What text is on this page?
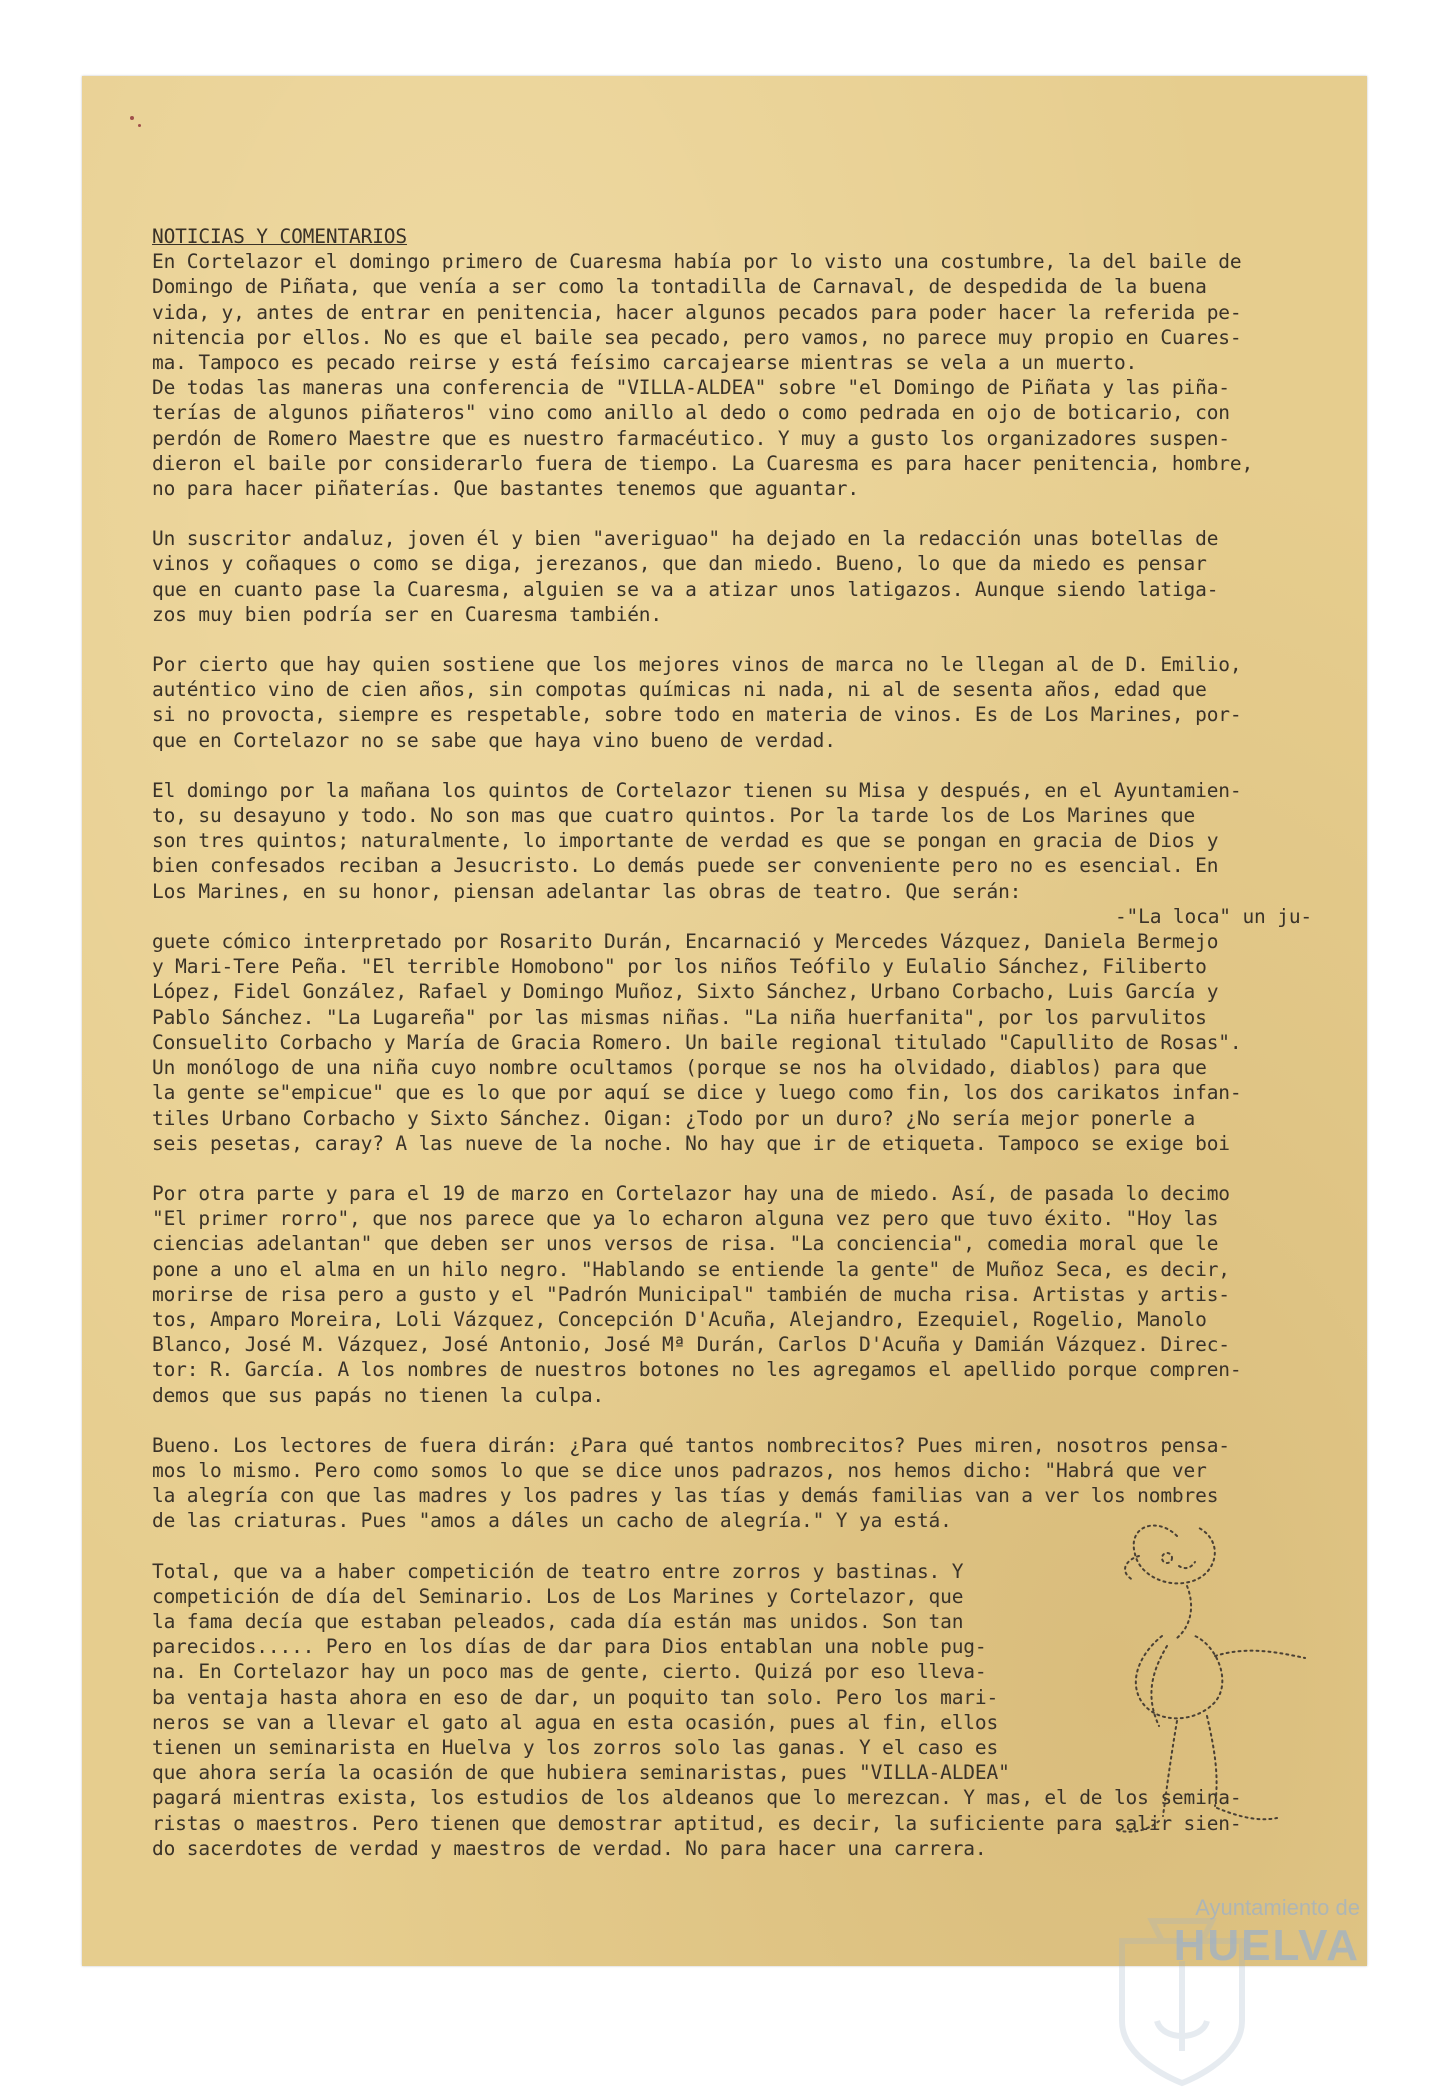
NOTICIAS Y COMENTARIOS
En Cortelazor el domingo primero de Cuaresma había por lo visto una costumbre, la del baile de
Domingo de Piñata, que venía a ser como la tontadilla de Carnaval, de despedida de la buena
vida, y, antes de entrar en penitencia, hacer algunos pecados para poder hacer la referida pe-
nitencia por ellos. No es que el baile sea pecado, pero vamos, no parece muy propio en Cuares-
ma. Tampoco es pecado reirse y está feísimo carcajearse mientras se vela a un muerto.
De todas las maneras una conferencia de "VILLA-ALDEA" sobre "el Domingo de Piñata y las piña-
terías de algunos piñateros" vino como anillo al dedo o como pedrada en ojo de boticario, con
perdón de Romero Maestre que es nuestro farmacéutico. Y muy a gusto los organizadores suspen-
dieron el baile por considerarlo fuera de tiempo. La Cuaresma es para hacer penitencia, hombre,
no para hacer piñaterías. Que bastantes tenemos que aguantar.
Un suscritor andaluz, joven él y bien "averiguao" ha dejado en la redacción unas botellas de
vinos y coñaques o como se diga, jerezanos, que dan miedo. Bueno, lo que da miedo es pensar
que en cuanto pase la Cuaresma, alguien se va a atizar unos latigazos. Aunque siendo latiga-
zos muy bien podría ser en Cuaresma también.
Por cierto que hay quien sostiene que los mejores vinos de marca no le llegan al de D. Emilio,
auténtico vino de cien años, sin compotas químicas ni nada, ni al de sesenta años, edad que
si no provocta, siempre es respetable, sobre todo en materia de vinos. Es de Los Marines, por-
que en Cortelazor no se sabe que haya vino bueno de verdad.
El domingo por la mañana los quintos de Cortelazor tienen su Misa y después, en el Ayuntamien-
to, su desayuno y todo. No son mas que cuatro quintos. Por la tarde los de Los Marines que
son tres quintos; naturalmente, lo importante de verdad es que se pongan en gracia de Dios y
bien confesados reciban a Jesucristo. Lo demás puede ser conveniente pero no es esencial. En
Los Marines, en su honor, piensan adelantar las obras de teatro. Que serán:
-"La loca" un ju-
guete cómico interpretado por Rosarito Durán, Encarnació y Mercedes Vázquez, Daniela Bermejo
y Mari-Tere Peña. "El terrible Homobono" por los niños Teófilo y Eulalio Sánchez, Filiberto
López, Fidel González, Rafael y Domingo Muñoz, Sixto Sánchez, Urbano Corbacho, Luis García y
Pablo Sánchez. "La Lugareña" por las mismas niñas. "La niña huerfanita", por los parvulitos
Consuelito Corbacho y María de Gracia Romero. Un baile regional titulado "Capullito de Rosas".
Un monólogo de una niña cuyo nombre ocultamos (porque se nos ha olvidado, diablos) para que
la gente se"empicue" que es lo que por aquí se dice y luego como fin, los dos carikatos infan-
tiles Urbano Corbacho y Sixto Sánchez. Oigan: ¿Todo por un duro? ¿No sería mejor ponerle a
seis pesetas, caray? A las nueve de la noche. No hay que ir de etiqueta. Tampoco se exige boi
Por otra parte y para el 19 de marzo en Cortelazor hay una de miedo. Así, de pasada lo decimo
"El primer rorro", que nos parece que ya lo echaron alguna vez pero que tuvo éxito. "Hoy las
ciencias adelantan" que deben ser unos versos de risa. "La conciencia", comedia moral que le
pone a uno el alma en un hilo negro. "Hablando se entiende la gente" de Muñoz Seca, es decir,
morirse de risa pero a gusto y el "Padrón Municipal" también de mucha risa. Artistas y artis-
tos, Amparo Moreira, Loli Vázquez, Concepción D'Acuña, Alejandro, Ezequiel, Rogelio, Manolo
Blanco, José M. Vázquez, José Antonio, José Mª Durán, Carlos D'Acuña y Damián Vázquez. Direc-
tor: R. García. A los nombres de nuestros botones no les agregamos el apellido porque compren-
demos que sus papás no tienen la culpa.
Bueno. Los lectores de fuera dirán: ¿Para qué tantos nombrecitos? Pues miren, nosotros pensa-
mos lo mismo. Pero como somos lo que se dice unos padrazos, nos hemos dicho: "Habrá que ver
la alegría con que las madres y los padres y las tías y demás familias van a ver los nombres
de las criaturas. Pues "amos a dáles un cacho de alegría." Y ya está.
Total, que va a haber competición de teatro entre zorros y bastinas. Y
competición de día del Seminario. Los de Los Marines y Cortelazor, que
la fama decía que estaban peleados, cada día están mas unidos. Son tan
parecidos..... Pero en los días de dar para Dios entablan una noble pug-
na. En Cortelazor hay un poco mas de gente, cierto. Quizá por eso lleva-
ba ventaja hasta ahora en eso de dar, un poquito tan solo. Pero los mari-
neros se van a llevar el gato al agua en esta ocasión, pues al fin, ellos
tienen un seminarista en Huelva y los zorros solo las ganas. Y el caso es
que ahora sería la ocasión de que hubiera seminaristas, pues "VILLA-ALDEA"
pagará mientras exista, los estudios de los aldeanos que lo merezcan. Y mas, el de los semina-
ristas o maestros. Pero tienen que demostrar aptitud, es decir, la suficiente para salir sien-
do sacerdotes de verdad y maestros de verdad. No para hacer una carrera.
Ayuntamiento de
HUELVA
